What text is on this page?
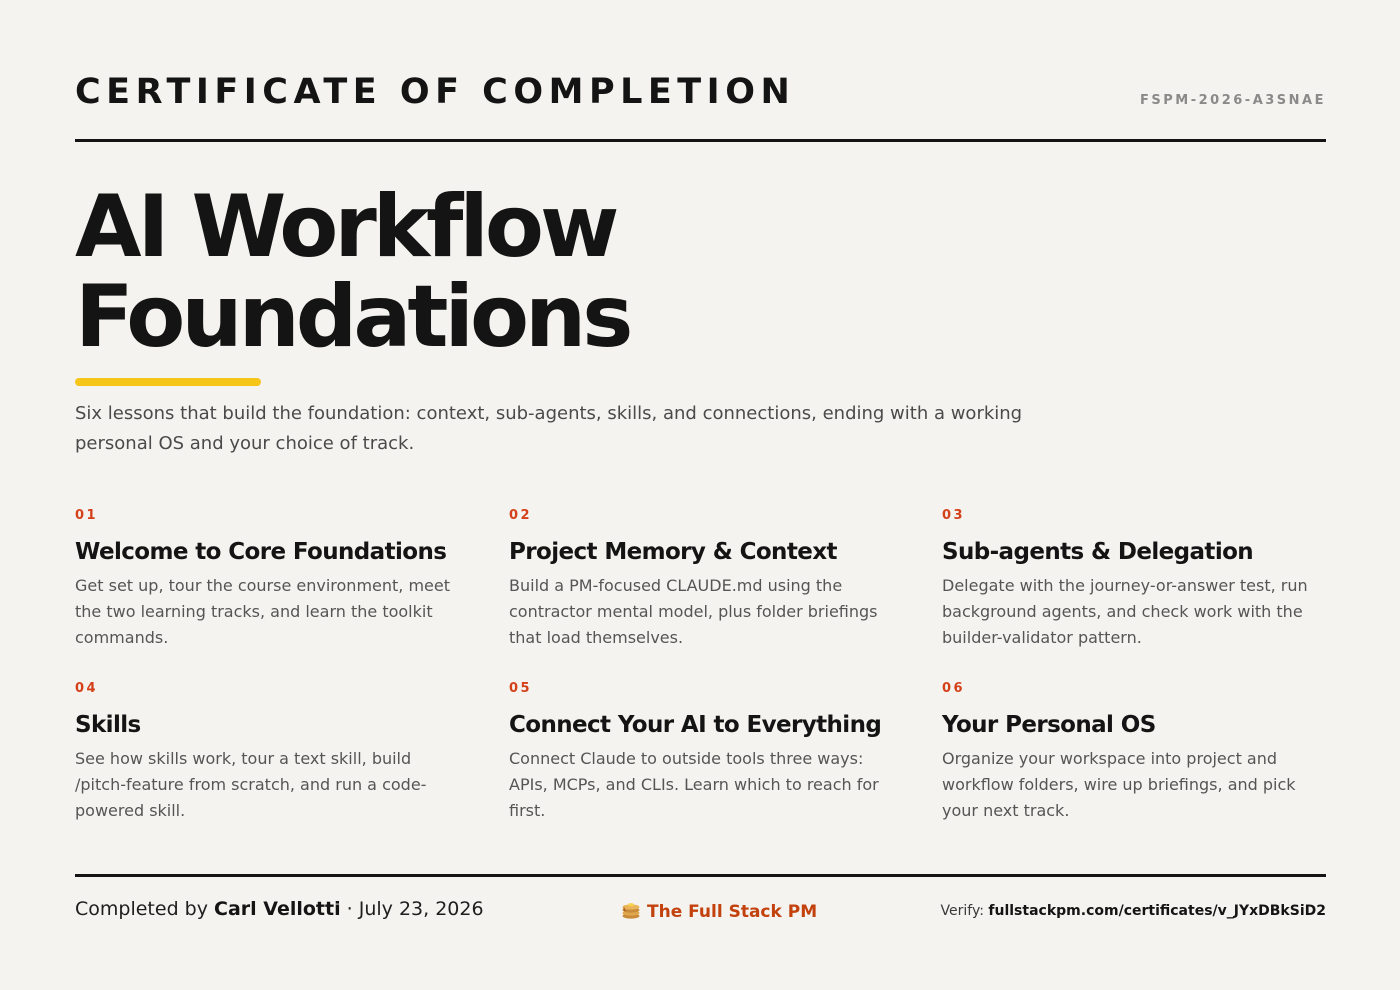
CERTIFICATE OF COMPLETION	FSPM-2026-A3SNAE
AI Workflow
Foundations

Six lessons that build the foundation: context, sub-agents, skills, and connections, ending with a working personal OS and your choice of track.

01
Welcome to Core Foundations
Get set up, tour the course environment, meet the two learning tracks, and learn the toolkit commands.
02
Project Memory & Context
Build a PM-focused CLAUDE.md using the contractor mental model, plus folder briefings that load themselves.
03
Sub-agents & Delegation
Delegate with the journey-or-answer test, run background agents, and check work with the builder-validator pattern.
04
Skills
See how skills work, tour a text skill, build /pitch-feature from scratch, and run a code-powered skill.
05
Connect Your AI to Everything
Connect Claude to outside tools three ways: APIs, MCPs, and CLIs. Learn which to reach for first.
06
Your Personal OS
Organize your workspace into project and workflow folders, wire up briefings, and pick your next track.
Completed by Carl Vellotti · July 23, 2026	The Full Stack PM	Verify: fullstackpm.com/certificates/v_JYxDBkSiD2
